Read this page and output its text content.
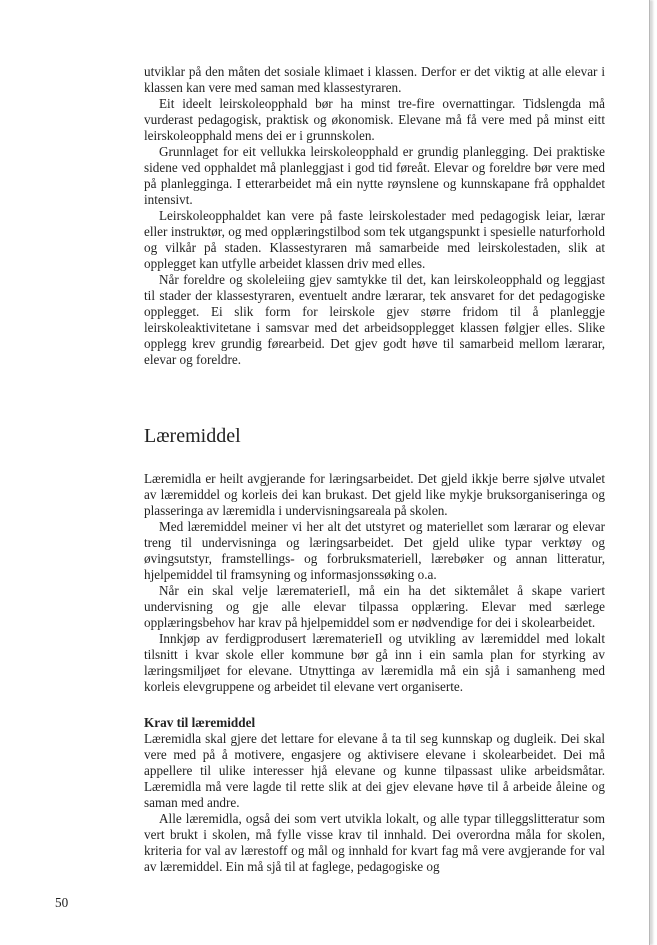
utviklar på den måten det sosiale klimaet i klassen. Derfor er det viktig at alle elevar i klassen kan vere med saman med klassestyraren.

Eit ideelt leirskoleopphald bør ha minst tre-fire overnattingar. Tidslengda må vurderast pedagogisk, praktisk og økonomisk. Elevane må få vere med på minst eitt leirskoleopphald mens dei er i grunnskolen.

Grunnlaget for eit vellukka leirskoleopphald er grundig planlegging. Dei praktiske sidene ved opphaldet må planleggjast i god tid føreåt. Elevar og foreldre bør vere med på planlegginga. I etterarbeidet må ein nytte røynslene og kunnskapane frå opphaldet intensivt.

Leirskoleopphaldet kan vere på faste leirskolestader med pedagogisk leiar, lærar eller instruktør, og med opplæringstilbod som tek utgangspunkt i spesielle naturforhold og vilkår på staden. Klassestyraren må samarbeide med leirskolestaden, slik at opplegget kan utfylle arbeidet klassen driv med elles.

Når foreldre og skoleleiing gjev samtykke til det, kan leirskoleopphald og leggjast til stader der klassestyraren, eventuelt andre lærarar, tek ansvaret for det pedagogiske opplegget. Ei slik form for leirskole gjev større fridom til å planleggje leirskoleaktivitetane i samsvar med det arbeidsopplegget klassen følgjer elles. Slike opplegg krev grundig førearbeid. Det gjev godt høve til samarbeid mellom lærarar, elevar og foreldre.

Læremiddel

Læremidla er heilt avgjerande for læringsarbeidet. Det gjeld ikkje berre sjølve utvalet av læremiddel og korleis dei kan brukast. Det gjeld like mykje bruksorganiseringa og plasseringa av læremidla i undervisningsareala på skolen.

Med læremiddel meiner vi her alt det utstyret og materiellet som lærarar og elevar treng til undervisninga og læringsarbeidet. Det gjeld ulike typar verktøy og øvingsutstyr, framstellings- og forbruksmateriell, lærebøker og annan litteratur, hjelpemiddel til framsyning og informasjonssøking o.a.

Når ein skal velje lærematerieIl, må ein ha det siktemålet å skape variert undervisning og gje alle elevar tilpassa opplæring. Elevar med særlege opplæringsbehov har krav på hjelpemiddel som er nødvendige for dei i skolearbeidet.

Innkjøp av ferdigprodusert lærematerieIl og utvikling av læremiddel med lokalt tilsnitt i kvar skole eller kommune bør gå inn i ein samla plan for styrking av læringsmiljøet for elevane. Utnyttinga av læremidla må ein sjå i samanheng med korleis elevgruppene og arbeidet til elevane vert organiserte.

Krav til læremiddel

Læremidla skal gjere det lettare for elevane å ta til seg kunnskap og dugleik. Dei skal vere med på å motivere, engasjere og aktivisere elevane i skolearbeidet. Dei må appellere til ulike interesser hjå elevane og kunne tilpassast ulike arbeidsmåtar. Læremidla må vere lagde til rette slik at dei gjev elevane høve til å arbeide åleine og saman med andre.

Alle læremidla, også dei som vert utvikla lokalt, og alle typar tilleggslitteratur som vert brukt i skolen, må fylle visse krav til innhald. Dei overordna måla for skolen, kriteria for val av lærestoff og mål og innhald for kvart fag må vere avgjerande for val av læremiddel. Ein må sjå til at faglege, pedagogiske og

50
